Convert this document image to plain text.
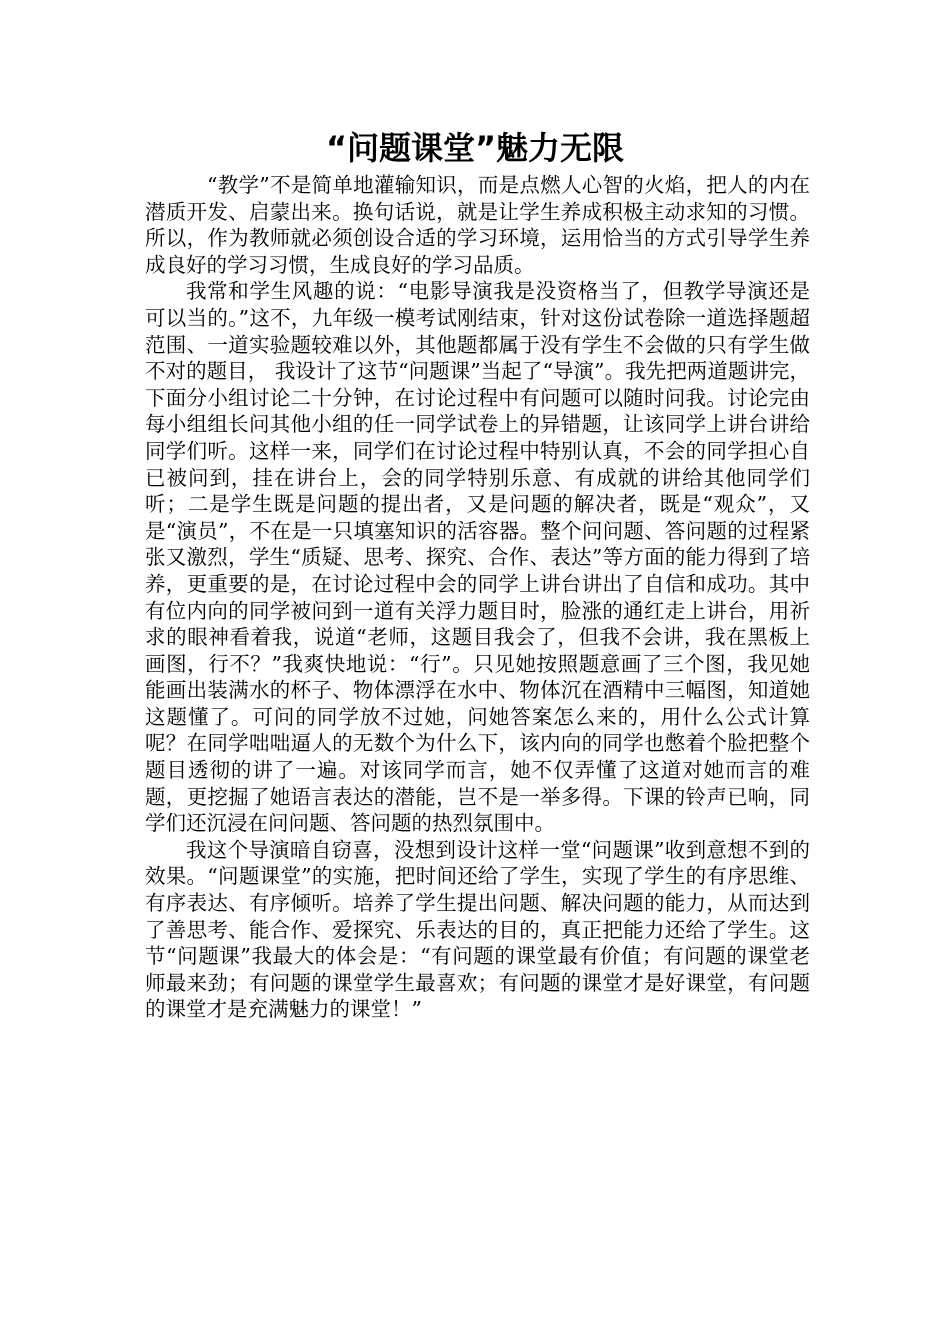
“问题课堂”魅力无限

“教学”不是简单地灌输知识，而是点燃人心智的火焰，把人的内在潜质开发、启蒙出来。换句话说，就是让学生养成积极主动求知的习惯。所以，作为教师就必须创设合适的学习环境，运用恰当的方式引导学生养成良好的学习习惯，生成良好的学习品质。

我常和学生风趣的说：“电影导演我是没资格当了，但教学导演还是可以当的。”这不，九年级一模考试刚结束，针对这份试卷除一道选择题超范围、一道实验题较难以外，其他题都属于没有学生不会做的只有学生做不对的题目， 我设计了这节“问题课”当起了“导演”。我先把两道题讲完，下面分小组讨论二十分钟，在讨论过程中有问题可以随时问我。讨论完由每小组组长问其他小组的任一同学试卷上的异错题，让该同学上讲台讲给同学们听。这样一来，同学们在讨论过程中特别认真，不会的同学担心自已被问到，挂在讲台上，会的同学特别乐意、有成就的讲给其他同学们听；二是学生既是问题的提出者，又是问题的解决者，既是“观众”，又是“演员”，不在是一只填塞知识的活容器。整个问问题、答问题的过程紧张又激烈，学生“质疑、思考、探究、合作、表达”等方面的能力得到了培养，更重要的是，在讨论过程中会的同学上讲台讲出了自信和成功。其中有位内向的同学被问到一道有关浮力题目时，脸涨的通红走上讲台，用祈求的眼神看着我，说道“老师，这题目我会了，但我不会讲，我在黑板上画图，行不？”我爽快地说：“行”。只见她按照题意画了三个图，我见她能画出装满水的杯子、物体漂浮在水中、物体沉在酒精中三幅图，知道她这题懂了。可问的同学放不过她，问她答案怎么来的，用什么公式计算呢？在同学咄咄逼人的无数个为什么下，该内向的同学也憋着个脸把整个题目透彻的讲了一遍。对该同学而言，她不仅弄懂了这道对她而言的难题，更挖掘了她语言表达的潜能，岂不是一举多得。下课的铃声已响，同学们还沉浸在问问题、答问题的热烈氛围中。

我这个导演暗自窃喜，没想到设计这样一堂“问题课”收到意想不到的效果。“问题课堂”的实施，把时间还给了学生，实现了学生的有序思维、有序表达、有序倾听。培养了学生提出问题、解决问题的能力，从而达到了善思考、能合作、爱探究、乐表达的目的，真正把能力还给了学生。这节“问题课”我最大的体会是：“有问题的课堂最有价值；有问题的课堂老师最来劲；有问题的课堂学生最喜欢；有问题的课堂才是好课堂，有问题的课堂才是充满魅力的课堂！”
